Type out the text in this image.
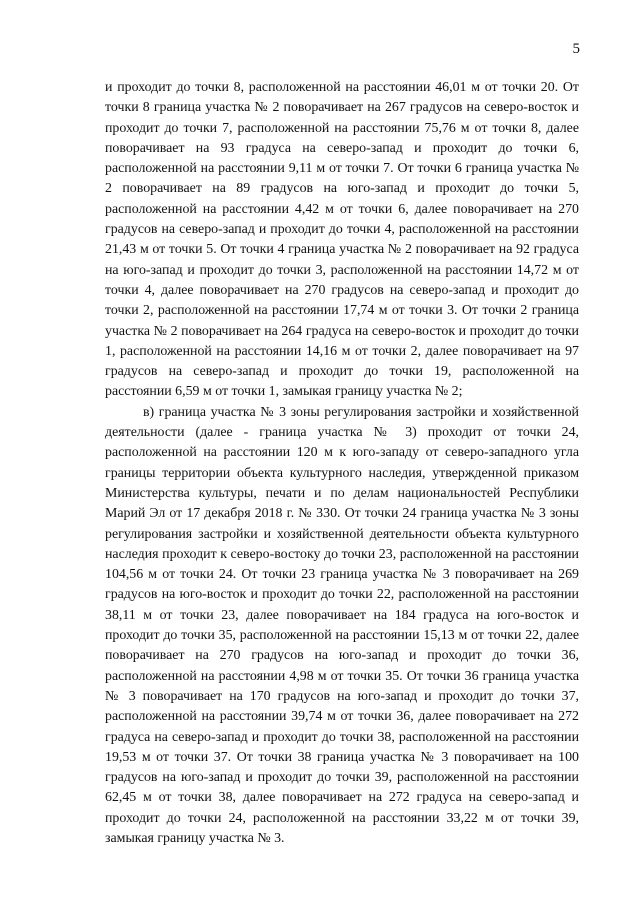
5

и проходит до точки 8, расположенной на расстоянии 46,01 м от точки 20. От точки 8 граница участка № 2 поворачивает на 267 градусов на северо-восток и проходит до точки 7, расположенной на расстоянии 75,76 м от точки 8, далее поворачивает на 93 градуса на северо-запад и проходит до точки 6, расположенной на расстоянии 9,11 м от точки 7. От точки 6 граница участка № 2 поворачивает на 89 градусов на юго-запад и проходит до точки 5, расположенной на расстоянии 4,42 м от точки 6, далее поворачивает на 270 градусов на северо-запад и проходит до точки 4, расположенной на расстоянии 21,43 м от точки 5. От точки 4 граница участка № 2 поворачивает на 92 градуса на юго-запад и проходит до точки 3, расположенной на расстоянии 14,72 м от точки 4, далее поворачивает на 270 градусов на северо-запад и проходит до точки 2, расположенной на расстоянии 17,74 м от точки 3. От точки 2 граница участка № 2 поворачивает на 264 градуса на северо-восток и проходит до точки 1, расположенной на расстоянии 14,16 м от точки 2, далее поворачивает на 97 градусов на северо-запад и проходит до точки 19, расположенной на расстоянии 6,59 м от точки 1, замыкая границу участка № 2;

в) граница участка № 3 зоны регулирования застройки и хозяйственной деятельности (далее - граница участка № 3) проходит от точки 24, расположенной на расстоянии 120 м к юго-западу от северо-западного угла границы территории объекта культурного наследия, утвержденной приказом Министерства культуры, печати и по делам национальностей Республики Марий Эл от 17 декабря 2018 г. № 330. От точки 24 граница участка № 3 зоны регулирования застройки и хозяйственной деятельности объекта культурного наследия проходит к северо-востоку до точки 23, расположенной на расстоянии 104,56 м от точки 24. От точки 23 граница участка № 3 поворачивает на 269 градусов на юго-восток и проходит до точки 22, расположенной на расстоянии 38,11 м от точки 23, далее поворачивает на 184 градуса на юго-восток и проходит до точки 35, расположенной на расстоянии 15,13 м от точки 22, далее поворачивает на 270 градусов на юго-запад и проходит до точки 36, расположенной на расстоянии 4,98 м от точки 35. От точки 36 граница участка № 3 поворачивает на 170 градусов на юго-запад и проходит до точки 37, расположенной на расстоянии 39,74 м от точки 36, далее поворачивает на 272 градуса на северо-запад и проходит до точки 38, расположенной на расстоянии 19,53 м от точки 37. От точки 38 граница участка № 3 поворачивает на 100 градусов на юго-запад и проходит до точки 39, расположенной на расстоянии 62,45 м от точки 38, далее поворачивает на 272 градуса на северо-запад и проходит до точки 24, расположенной на расстоянии 33,22 м от точки 39, замыкая границу участка № 3.
